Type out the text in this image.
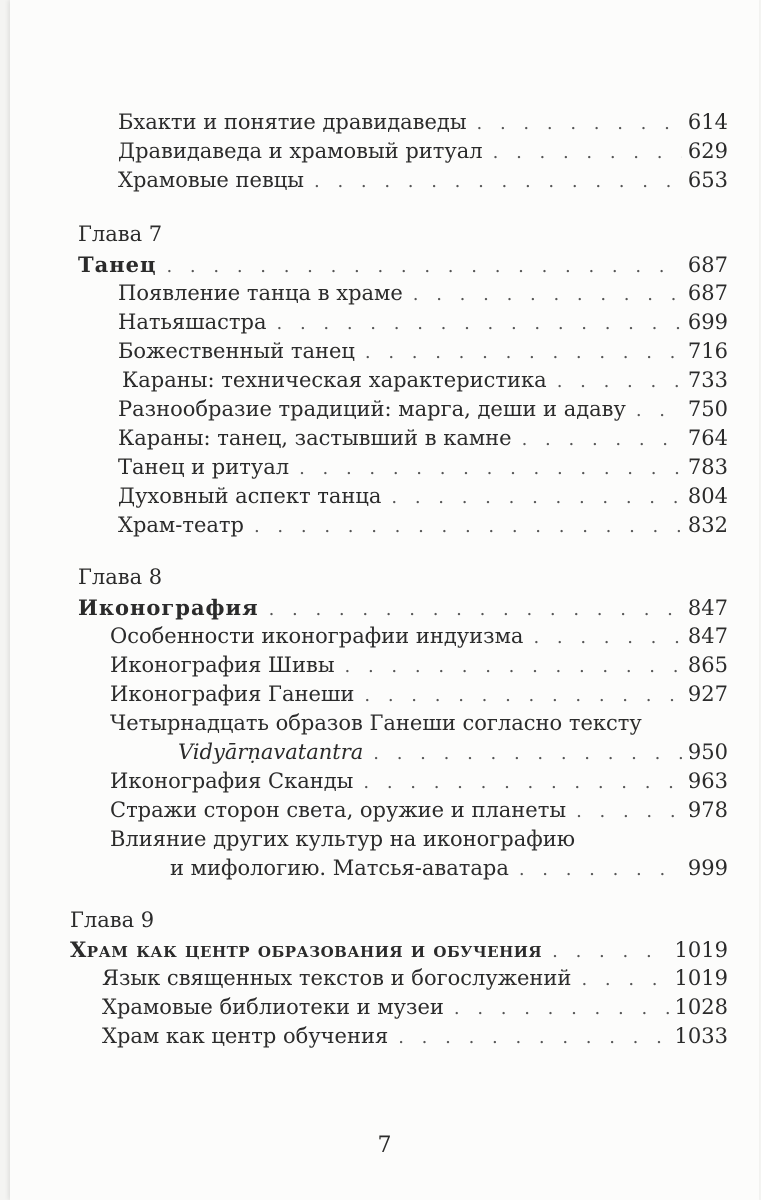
Бхакти и понятие дравидаведы . . .	614
Дравидаведа и храмовый ритуал . . .	629
Храмовые певцы . . .	653
Глава 7
Танец . . .	687
Появление танца в храме . . .	687
Натьяшастра . . .	699
Божественный танец . . .	716
Караны: техническая характеристика . . .	733
Разнообразие традиций: марга, деши и адаву . . .	750
Караны: танец, застывший в камне . . .	764
Танец и ритуал . . .	783
Духовный аспект танца . . .	804
Храм-театр . . .	832
Глава 8
Иконография . . .	847
Особенности иконографии индуизма . . .	847
Иконография Шивы . . .	865
Иконография Ганеши . . .	927
Четырнадцать образов Ганеши согласно тексту
Vidyārṇavatantra . . .	950
Иконография Сканды . . .	963
Стражи сторон света, оружие и планеты . . .	978
Влияние других культур на иконографию
и мифологию. Матсья-аватара . . .	999
Глава 9
Храм как центр образования и обучения . . .	1019
Язык священных текстов и богослужений . . .	1019
Храмовые библиотеки и музеи . . .	1028
Храм как центр обучения . . .	1033
7
